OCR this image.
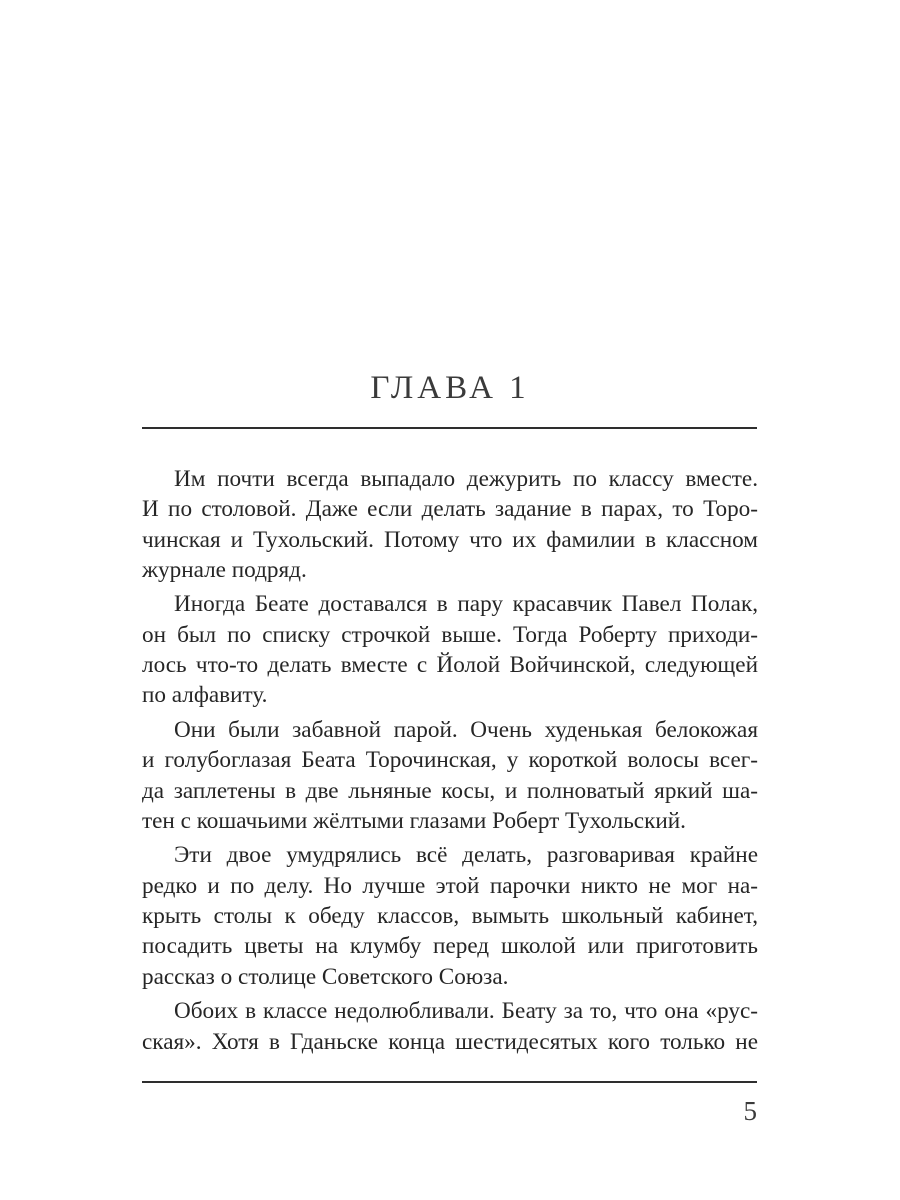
ГЛАВА 1

Им почти всегда выпадало дежурить по классу вместе.
И по столовой. Даже если делать задание в парах, то Торо-
чинская и Тухольский. Потому что их фамилии в классном
журнале подряд.

Иногда Беате доставался в пару красавчик Павел Полак,
он был по списку строчкой выше. Тогда Роберту приходи-
лось что-то делать вместе с Йолой Войчинской, следующей
по алфавиту.

Они были забавной парой. Очень худенькая белокожая
и голубоглазая Беата Торочинская, у короткой волосы всег-
да заплетены в две льняные косы, и полноватый яркий ша-
тен с кошачьими жёлтыми глазами Роберт Тухольский.

Эти двое умудрялись всё делать, разговаривая крайне
редко и по делу. Но лучше этой парочки никто не мог на-
крыть столы к обеду классов, вымыть школьный кабинет,
посадить цветы на клумбу перед школой или приготовить
рассказ о столице Советского Союза.

Обоих в классе недолюбливали. Беату за то, что она «рус-
ская». Хотя в Гданьске конца шестидесятых кого только не

5
